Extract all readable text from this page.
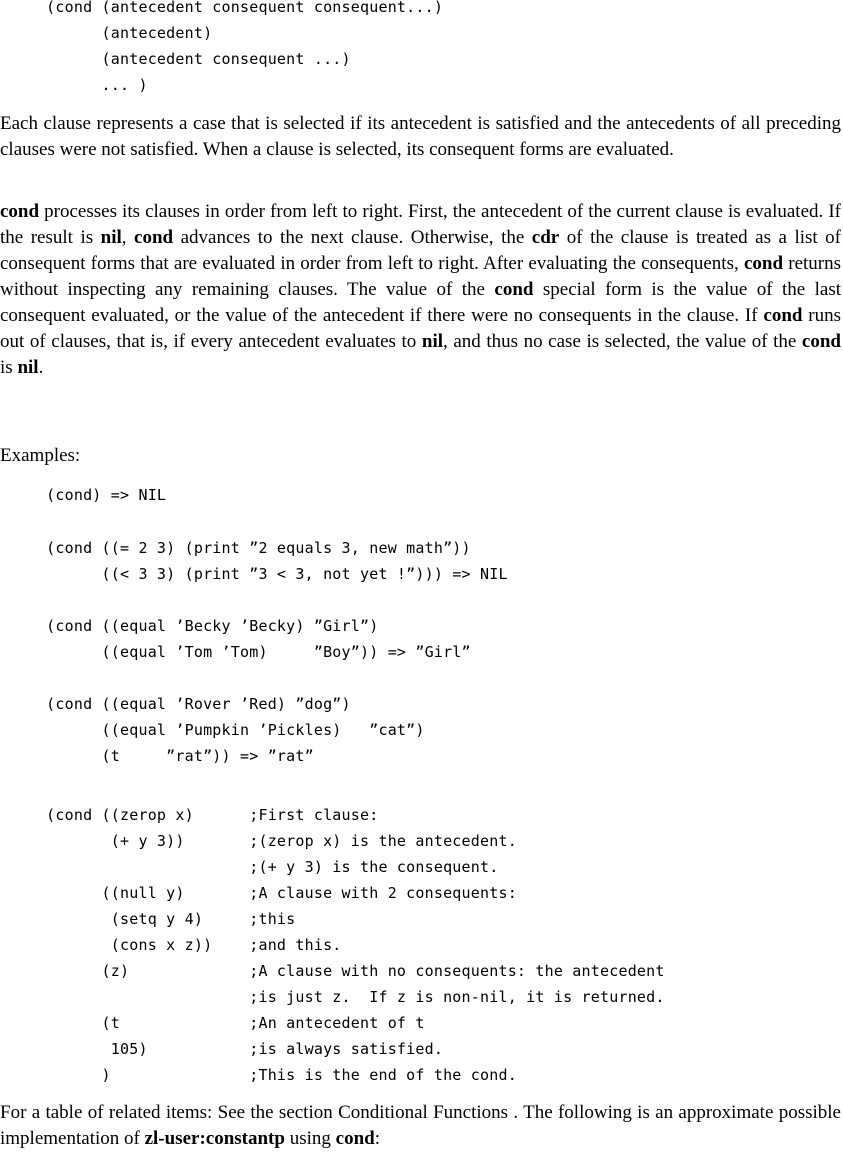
(cond (antecedent consequent consequent...)
(antecedent)
(antecedent consequent ...)
... )

Each clause represents a case that is selected if its antecedent is satisfied and the antecedents of all preceding clauses were not satisfied. When a clause is selected, its consequent forms are evaluated.

cond processes its clauses in order from left to right. First, the antecedent of the current clause is evaluated. If the result is nil, cond advances to the next clause. Otherwise, the cdr of the clause is treated as a list of consequent forms that are evaluated in order from left to right. After evaluating the consequents, cond returns without inspecting any remaining clauses. The value of the cond special form is the value of the last consequent evaluated, or the value of the antecedent if there were no consequents in the clause. If cond runs out of clauses, that is, if every antecedent evaluates to nil, and thus no case is selected, the value of the cond is nil.

Examples:

(cond) => NIL
(cond ((= 2 3) (print ”2 equals 3, new math”))
((< 3 3) (print ”3 < 3, not yet !”))) => NIL
(cond ((equal ’Becky ’Becky) ”Girl”)
((equal ’Tom ’Tom)     ”Boy”)) => ”Girl”
(cond ((equal ’Rover ’Red) ”dog”)
((equal ’Pumpkin ’Pickles)   ”cat”)
(t     ”rat”)) => ”rat”
(cond ((zerop x)      ;First clause:
(+ y 3))       ;(zerop x) is the antecedent.
;(+ y 3) is the consequent.
((null y)       ;A clause with 2 consequents:
(setq y 4)     ;this
(cons x z))    ;and this.
(z)             ;A clause with no consequents: the antecedent
;is just z.  If z is non-nil, it is returned.
(t              ;An antecedent of t
105)           ;is always satisfied.
)               ;This is the end of the cond.

For a table of related items: See the section Conditional Functions . The following is an approximate possible implementation of zl-user:constantp using cond:
